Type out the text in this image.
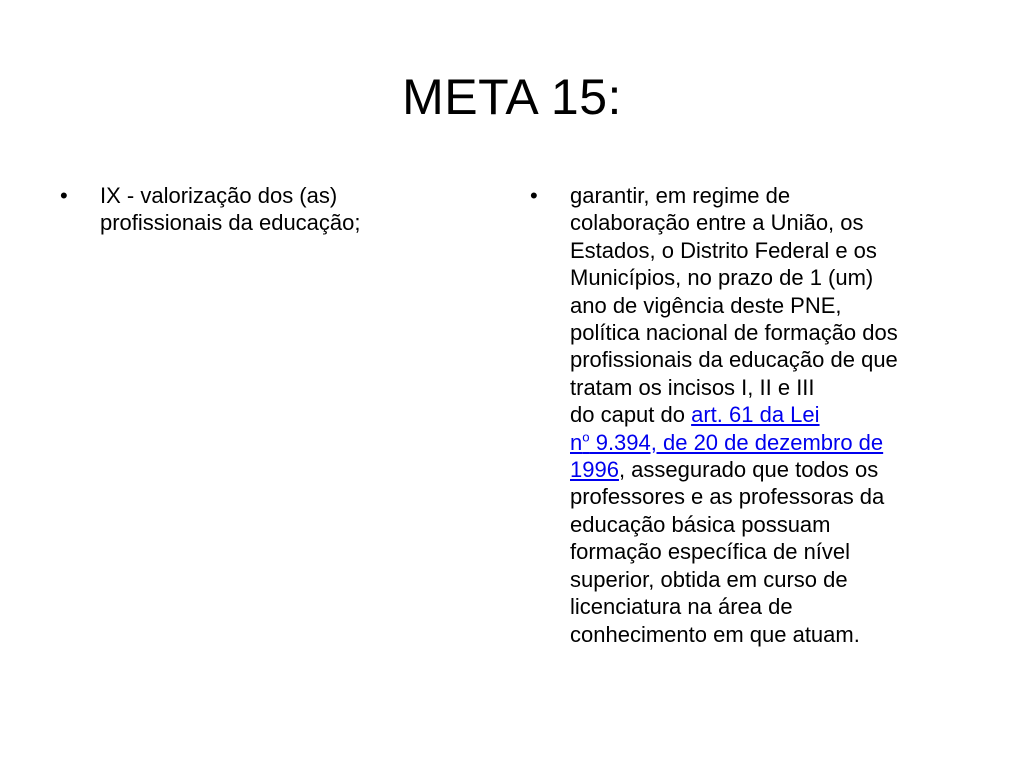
META 15:
•	IX - valorização dos (as) profissionais da educação;
•	garantir, em regime de
colaboração entre a União, os
Estados, o Distrito Federal e os
Municípios, no prazo de 1 (um)
ano de vigência deste PNE,
política nacional de formação dos
profissionais da educação de que
tratam os incisos I, II e III
do caput do art. 61 da Lei
$n^o$ 9.394, de 20 de dezembro de
1996, assegurado que todos os
professores e as professoras da
educação básica possuam
formação específica de nível
superior, obtida em curso de
licenciatura na área de
conhecimento em que atuam.
